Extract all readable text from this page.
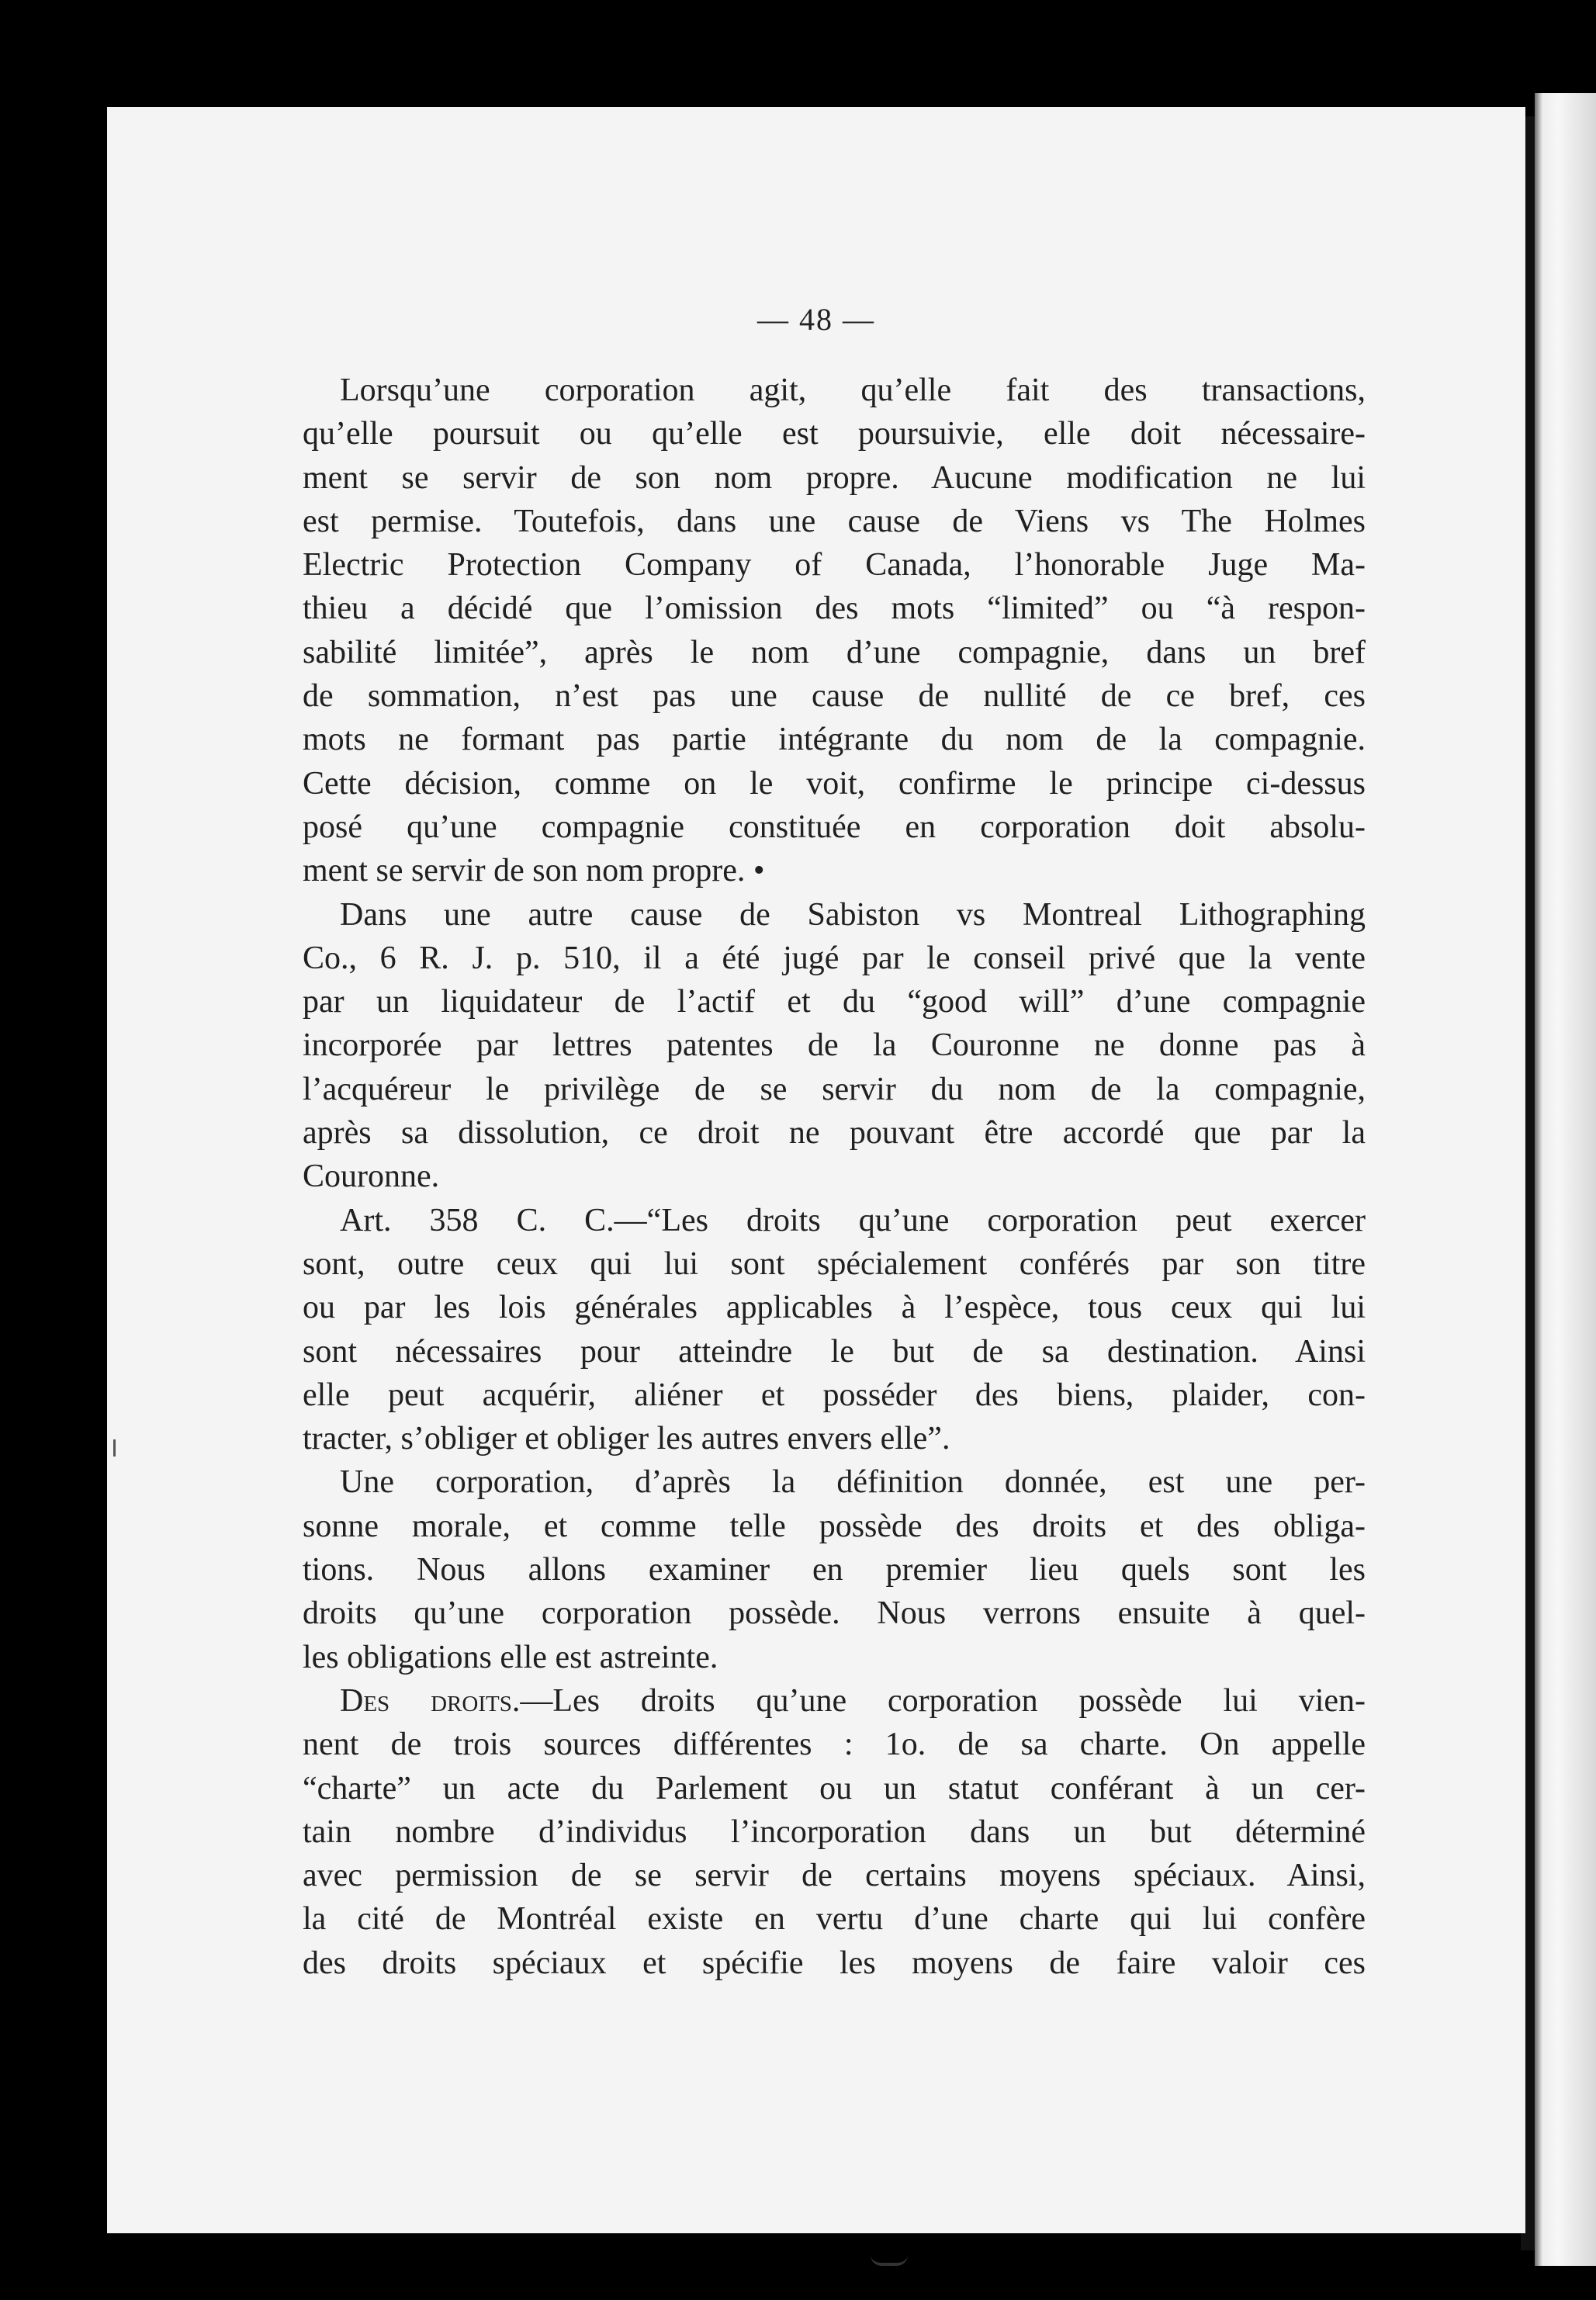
— 48 —
Lorsqu’une corporation agit, qu’elle fait des transactions,
qu’elle poursuit ou qu’elle est poursuivie, elle doit nécessaire-
ment se servir de son nom propre. Aucune modification ne lui
est permise. Toutefois, dans une cause de Viens vs The Holmes
Electric Protection Company of Canada, l’honorable Juge Ma-
thieu a décidé que l’omission des mots “limited” ou “à respon-
sabilité limitée”, après le nom d’une compagnie, dans un bref
de sommation, n’est pas une cause de nullité de ce bref, ces
mots ne formant pas partie intégrante du nom de la compagnie.
Cette décision, comme on le voit, confirme le principe ci-dessus
posé qu’une compagnie constituée en corporation doit absolu-
ment se servir de son nom propre. •
Dans une autre cause de Sabiston vs Montreal Lithographing
Co., 6 R. J. p. 510, il a été jugé par le conseil privé que la vente
par un liquidateur de l’actif et du “good will” d’une compagnie
incorporée par lettres patentes de la Couronne ne donne pas à
l’acquéreur le privilège de se servir du nom de la compagnie,
après sa dissolution, ce droit ne pouvant être accordé que par la
Couronne.
Art. 358 C. C.—“Les droits qu’une corporation peut exercer
sont, outre ceux qui lui sont spécialement conférés par son titre
ou par les lois générales applicables à l’espèce, tous ceux qui lui
sont nécessaires pour atteindre le but de sa destination. Ainsi
elle peut acquérir, aliéner et posséder des biens, plaider, con-
tracter, s’obliger et obliger les autres envers elle”.
Une corporation, d’après la définition donnée, est une per-
sonne morale, et comme telle possède des droits et des obliga-
tions. Nous allons examiner en premier lieu quels sont les
droits qu’une corporation possède. Nous verrons ensuite à quel-
les obligations elle est astreinte.
Des droits.—Les droits qu’une corporation possède lui vien-
nent de trois sources différentes : 1o. de sa charte. On appelle
“charte” un acte du Parlement ou un statut conférant à un cer-
tain nombre d’individus l’incorporation dans un but déterminé
avec permission de se servir de certains moyens spéciaux. Ainsi,
la cité de Montréal existe en vertu d’une charte qui lui confère
des droits spéciaux et spécifie les moyens de faire valoir ces
